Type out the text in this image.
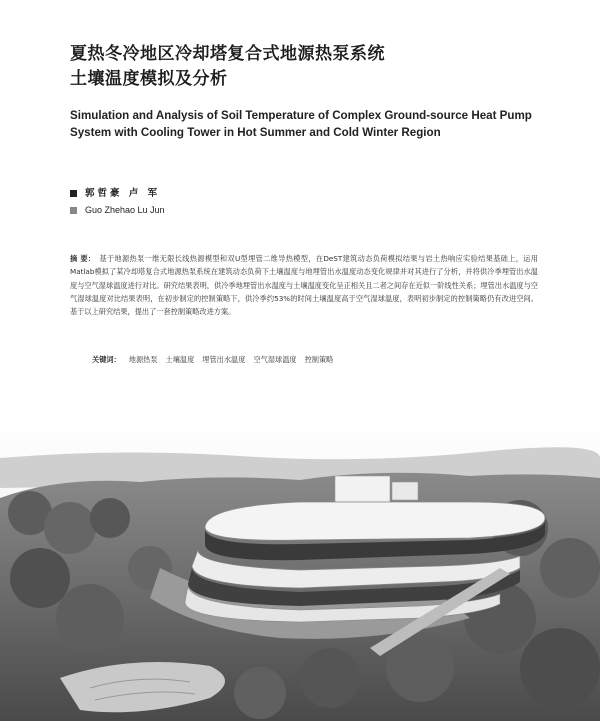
夏热冬冷地区冷却塔复合式地源热泵系统
土壤温度模拟及分析
Simulation and Analysis of Soil Temperature of Complex Ground-source Heat Pump
System with Cooling Tower in Hot Summer and Cold Winter Region
郭哲豪 卢 军
Guo Zhehao Lu Jun
摘 要： 基于地源热泵一维无限长线热源模型和双U型埋管二维导热模型，在DeST建筑动态负荷模拟结果与岩土热响应实验结果基础上，运用Matlab模拟了某冷却塔复合式地源热泵系统在建筑动态负荷下土壤温度与地埋管出水温度动态变化规律并对其进行了分析，并将供冷季埋管出水温度与空气湿球温度进行对比。研究结果表明，供冷季地埋管出水温度与土壤温度变化呈正相关且二者之间存在近似一阶线性关系；埋管出水温度与空气湿球温度对比结果表明，在初步制定的控制策略下，供冷季约53%的时间土壤温度高于空气湿球温度，表明初步制定的控制策略仍有改进空间。基于以上研究结果，提出了一套控制策略改进方案。
关键词： 地源热泵 土壤温度 埋管出水温度 空气湿球温度 控制策略
